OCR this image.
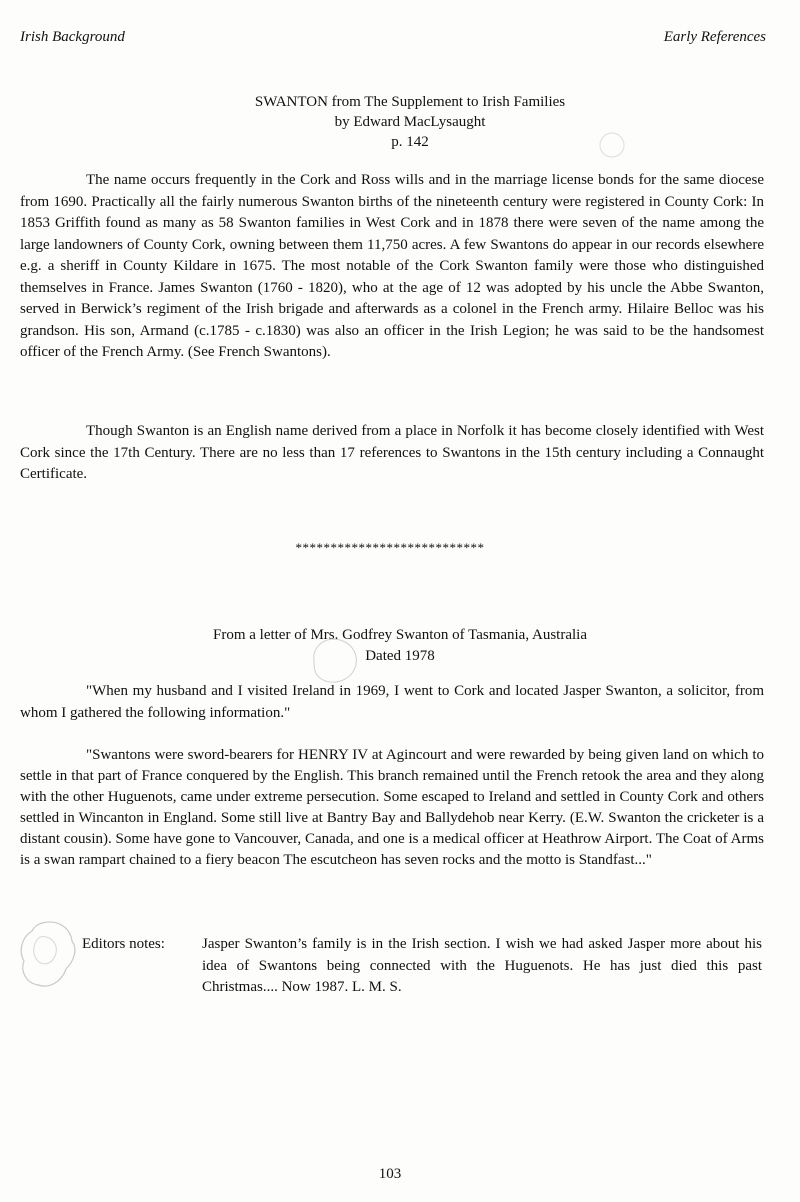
Irish Background	Early References
SWANTON from The Supplement to Irish Families
by Edward MacLysaught
p. 142

The name occurs frequently in the Cork and Ross wills and in the marriage license bonds for the same diocese from 1690. Practically all the fairly numerous Swanton births of the nineteenth century were registered in County Cork: In 1853 Griffith found as many as 58 Swanton families in West Cork and in 1878 there were seven of the name among the large landowners of County Cork, owning between them 11,750 acres. A few Swantons do appear in our records elsewhere e.g. a sheriff in County Kildare in 1675. The most notable of the Cork Swanton family were those who distinguished themselves in France. James Swanton (1760 - 1820), who at the age of 12 was adopted by his uncle the Abbe Swanton, served in Berwick’s regiment of the Irish brigade and afterwards as a colonel in the French army. Hilaire Belloc was his grandson. His son, Armand (c.1785 - c.1830) was also an officer in the Irish Legion; he was said to be the handsomest officer of the French Army. (See French Swantons).

Though Swanton is an English name derived from a place in Norfolk it has become closely identified with West Cork since the 17th Century. There are no less than 17 references to Swantons in the 15th century including a Connaught Certificate.

***************************
From a letter of Mrs. Godfrey Swanton of Tasmania, Australia
Dated 1978

"When my husband and I visited Ireland in 1969, I went to Cork and located Jasper Swanton, a solicitor, from whom I gathered the following information."

"Swantons were sword-bearers for HENRY IV at Agincourt and were rewarded by being given land on which to settle in that part of France conquered by the English. This branch remained until the French retook the area and they along with the other Huguenots, came under extreme persecution. Some escaped to Ireland and settled in County Cork and others settled in Wincanton in England. Some still live at Bantry Bay and Ballydehob near Kerry. (E.W. Swanton the cricketer is a distant cousin). Some have gone to Vancouver, Canada, and one is a medical officer at Heathrow Airport. The Coat of Arms is a swan rampart chained to a fiery beacon The escutcheon has seven rocks and the motto is Standfast..."

Editors notes:	Jasper Swanton’s family is in the Irish section. I wish we had asked Jasper more about his idea of Swantons being connected with the Huguenots. He has just died this past Christmas.... Now 1987. L. M. S.
103
